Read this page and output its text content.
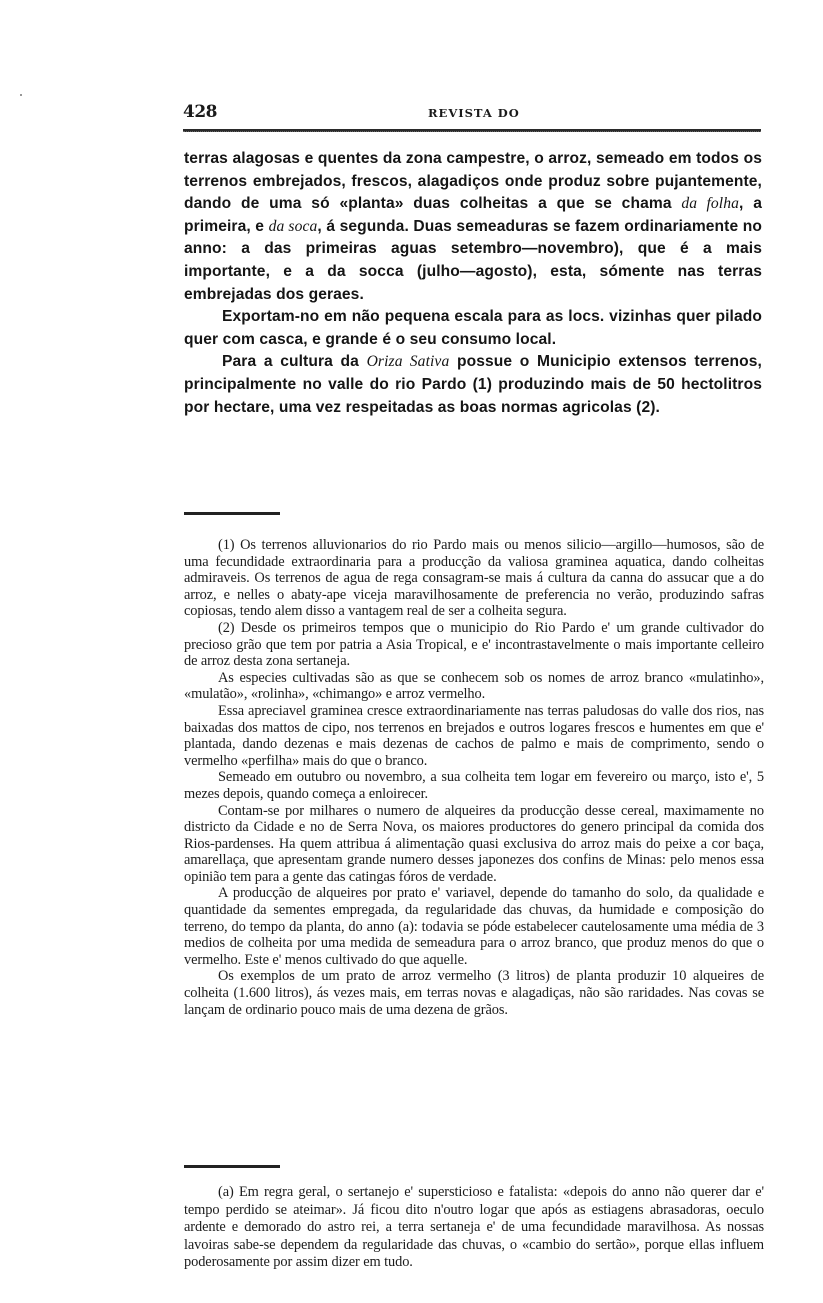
428	REVISTA DO

terras alagosas e quentes da zona campestre, o arroz, semeado em todos os terrenos embrejados, frescos, alagadiços onde produz sobre pujantemente, dando de uma só «planta» duas colheitas a que se chama da folha, a primeira, e da soca, á segunda. Duas semeaduras se fazem ordinariamente no anno: a das primeiras aguas setembro—novembro), que é a mais importante, e a da socca (julho—agosto), esta, sómente nas terras embrejadas dos geraes.

Exportam-no em não pequena escala para as locs. vizinhas quer pilado quer com casca, e grande é o seu consumo local.

Para a cultura da Oriza Sativa possue o Municipio extensos terrenos, principalmente no valle do rio Pardo (1) produzindo mais de 50 hectolitros por hectare, uma vez respeitadas as boas normas agricolas (2).

(1) Os terrenos alluvionarios do rio Pardo mais ou menos silicio—argillo—humosos, são de uma fecundidade extraordinaria para a producção da valiosa graminea aquatica, dando colheitas admiraveis. Os terrenos de agua de rega consagram-se mais á cultura da canna do assucar que a do arroz, e nelles o abaty-ape viceja maravilhosamente de preferencia no verão, produzindo safras copiosas, tendo alem disso a vantagem real de ser a colheita segura.

(2) Desde os primeiros tempos que o municipio do Rio Pardo e' um grande cultivador do precioso grão que tem por patria a Asia Tropical, e e' incontrastavelmente o mais importante celleiro de arroz desta zona sertaneja.

As especies cultivadas são as que se conhecem sob os nomes de arroz branco «mulatinho», «mulatão», «rolinha», «chimango» e arroz vermelho.

Essa apreciavel graminea cresce extraordinariamente nas terras paludosas do valle dos rios, nas baixadas dos mattos de cipo, nos terrenos en brejados e outros logares frescos e humentes em que e' plantada, dando dezenas e mais dezenas de cachos de palmo e mais de comprimento, sendo o vermelho «perfilha» mais do que o branco.

Semeado em outubro ou novembro, a sua colheita tem logar em fevereiro ou março, isto e', 5 mezes depois, quando começa a enloirecer.

Contam-se por milhares o numero de alqueires da producção desse cereal, maximamente no districto da Cidade e no de Serra Nova, os maiores productores do genero principal da comida dos Rios-pardenses. Ha quem attribua á alimentação quasi exclusiva do arroz mais do peixe a cor baça, amarellaça, que apresentam grande numero desses japonezes dos confins de Minas: pelo menos essa opinião tem para a gente das catingas fóros de verdade.

A producção de alqueires por prato e' variavel, depende do tamanho do solo, da qualidade e quantidade da sementes empregada, da regularidade das chuvas, da humidade e composição do terreno, do tempo da planta, do anno (a): todavia se póde estabelecer cautelosamente uma média de 3 medios de colheita por uma medida de semeadura para o arroz branco, que produz menos do que o vermelho. Este e' menos cultivado do que aquelle.

Os exemplos de um prato de arroz vermelho (3 litros) de planta produzir 10 alqueires de colheita (1.600 litros), ás vezes mais, em terras novas e alagadiças, não são raridades. Nas covas se lançam de ordinario pouco mais de uma dezena de grãos.

(a) Em regra geral, o sertanejo e' supersticioso e fatalista: «depois do anno não querer dar e' tempo perdido se ateimar». Já ficou dito n'outro logar que após as estiagens abrasadoras, oeculo ardente e demorado do astro rei, a terra sertaneja e' de uma fecundidade maravilhosa. As nossas lavoiras sabe-se dependem da regularidade das chuvas, o «cambio do sertão», porque ellas influem poderosamente por assim dizer em tudo.
